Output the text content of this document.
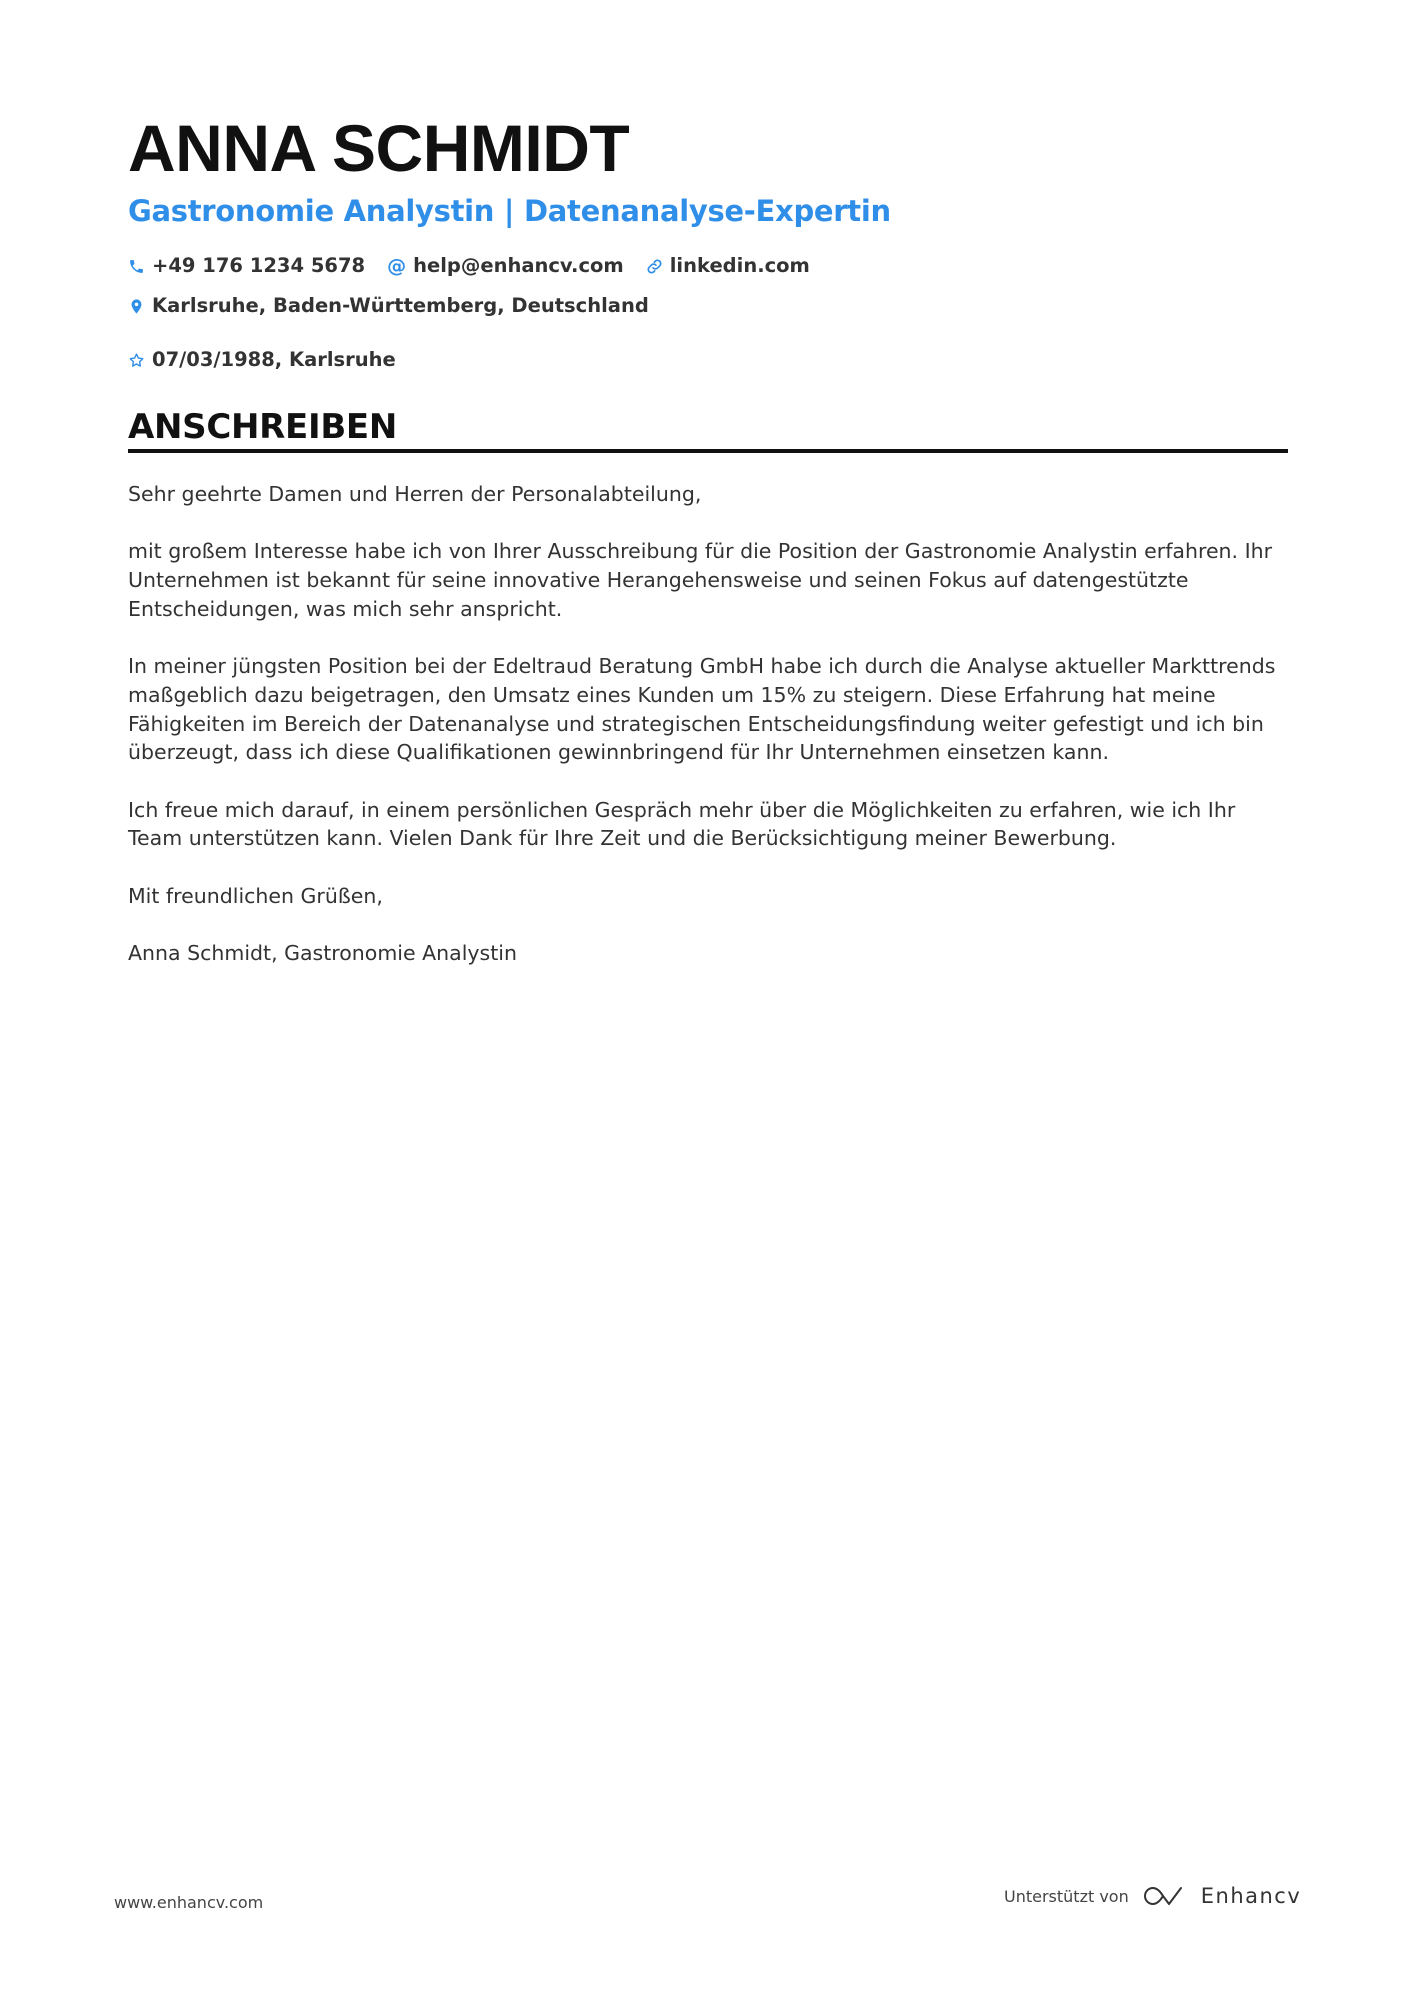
ANNA SCHMIDT
Gastronomie Analystin | Datenanalyse-Expertin
+49 176 1234 5678 @ help@enhancv.com linkedin.com
Karlsruhe, Baden-Württemberg, Deutschland
07/03/1988, Karlsruhe
ANSCHREIBEN

Sehr geehrte Damen und Herren der Personalabteilung,

mit großem Interesse habe ich von Ihrer Ausschreibung für die Position der Gastronomie Analystin erfahren. Ihr Unternehmen ist bekannt für seine innovative Herangehensweise und seinen Fokus auf datengestützte Entscheidungen, was mich sehr anspricht.

In meiner jüngsten Position bei der Edeltraud Beratung GmbH habe ich durch die Analyse aktueller Markttrends maßgeblich dazu beigetragen, den Umsatz eines Kunden um 15% zu steigern. Diese Erfahrung hat meine Fähigkeiten im Bereich der Datenanalyse und strategischen Entscheidungsfindung weiter gefestigt und ich bin überzeugt, dass ich diese Qualifikationen gewinnbringend für Ihr Unternehmen einsetzen kann.

Ich freue mich darauf, in einem persönlichen Gespräch mehr über die Möglichkeiten zu erfahren, wie ich Ihr Team unterstützen kann. Vielen Dank für Ihre Zeit und die Berücksichtigung meiner Bewerbung.

Mit freundlichen Grüßen,

Anna Schmidt, Gastronomie Analystin

www.enhancv.com	Unterstützt von	Enhancv
